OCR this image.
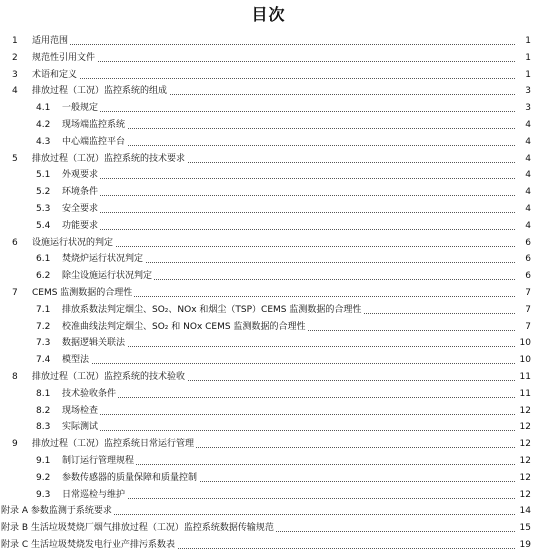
目次
1 适用范围	1
2 规范性引用文件	1
3 术语和定义	1
4 排放过程（工况）监控系统的组成	3
4.1 一般规定	3
4.2 现场端监控系统	4
4.3 中心端监控平台	4
5 排放过程（工况）监控系统的技术要求	4
5.1 外观要求	4
5.2 环境条件	4
5.3 安全要求	4
5.4 功能要求	4
6 设施运行状况的判定	6
6.1 焚烧炉运行状况判定	6
6.2 除尘设施运行状况判定	6
7 CEMS 监测数据的合理性	7
7.1 排放系数法判定烟尘、SO₂、NOx 和烟尘（TSP）CEMS 监测数据的合理性	7
7.2 校准曲线法判定烟尘、SO₂ 和 NOx CEMS 监测数据的合理性	7
7.3 数据逻辑关联法	10
7.4 模型法	10
8 排放过程（工况）监控系统的技术验收	11
8.1 技术验收条件	11
8.2 现场检查	12
8.3 实际测试	12
9 排放过程（工况）监控系统日常运行管理	12
9.1 制订运行管理规程	12
9.2 参数传感器的质量保障和质量控制	12
9.3 日常巡检与维护	12
附录 A 参数监测于系统要求	14
附录 B 生活垃圾焚烧厂烟气排放过程（工况）监控系统数据传输规范	15
附录 C 生活垃圾焚烧发电行业产排污系数表	19
